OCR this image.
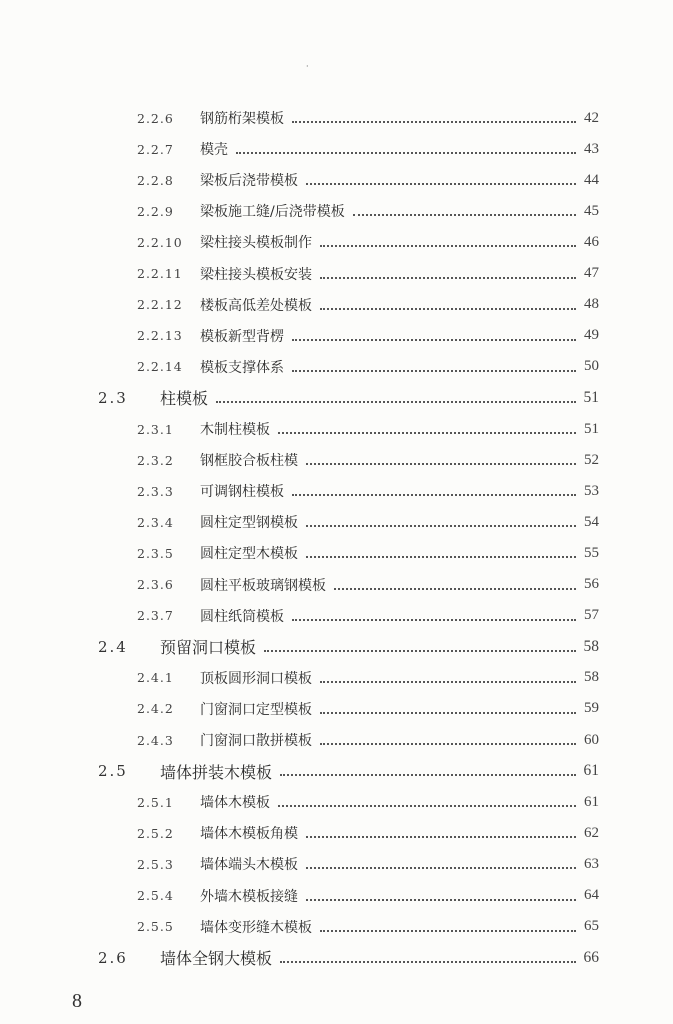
·
2.2.6 钢筋桁架模板	42
2.2.7 模壳	43
2.2.8 梁板后浇带模板	44
2.2.9 梁板施工缝/后浇带模板	45
2.2.10 梁柱接头模板制作	46
2.2.11 梁柱接头模板安装	47
2.2.12 楼板高低差处模板	48
2.2.13 模板新型背楞	49
2.2.14 模板支撑体系	50
2.3 柱模板	51
2.3.1 木制柱模板	51
2.3.2 钢框胶合板柱模	52
2.3.3 可调钢柱模板	53
2.3.4 圆柱定型钢模板	54
2.3.5 圆柱定型木模板	55
2.3.6 圆柱平板玻璃钢模板	56
2.3.7 圆柱纸筒模板	57
2.4 预留洞口模板	58
2.4.1 顶板圆形洞口模板	58
2.4.2 门窗洞口定型模板	59
2.4.3 门窗洞口散拼模板	60
2.5 墙体拼装木模板	61
2.5.1 墙体木模板	61
2.5.2 墙体木模板角模	62
2.5.3 墙体端头木模板	63
2.5.4 外墙木模板接缝	64
2.5.5 墙体变形缝木模板	65
2.6 墙体全钢大模板	66
8
